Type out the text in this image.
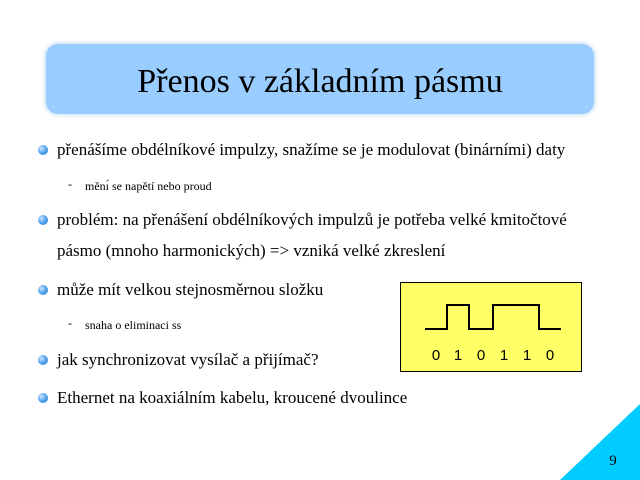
Přenos v základním pásmu
přenášíme obdélníkové impulzy, snažíme se je modulovat (binárními) daty
- měnı́ se napětí nebo proud
problém: na přenášení obdélníkových impulzů je potřeba velké kmitočtové
pásmo (mnoho harmonických) => vzniká velké zkreslení
může mít velkou stejnosměrnou složku
- snaha o eliminaci ss
jak synchronizovat vysílač a přijímač?
Ethernet na koaxiálním kabelu, kroucené dvoulince
0 1 0 1 1 0
9
